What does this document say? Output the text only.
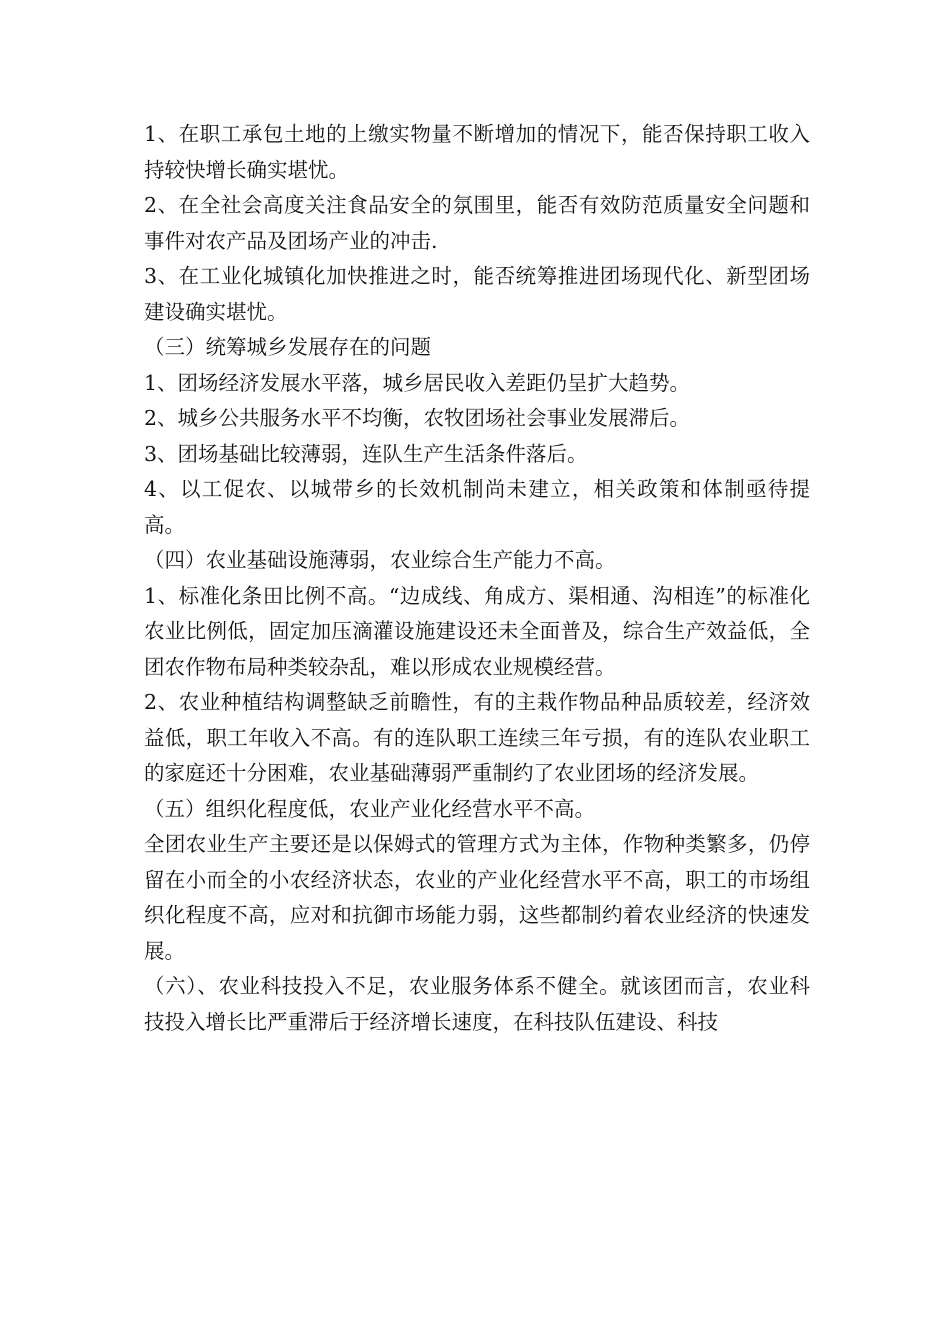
1、在职工承包土地的上缴实物量不断增加的情况下，能否保持职工收入持较快增长确实堪忧。

2、在全社会高度关注食品安全的氛围里，能否有效防范质量安全问题和事件对农产品及团场产业的冲击.

3、在工业化城镇化加快推进之时，能否统筹推进团场现代化、新型团场建设确实堪忧。

（三）统筹城乡发展存在的问题

1、团场经济发展水平落，城乡居民收入差距仍呈扩大趋势。

2、城乡公共服务水平不均衡，农牧团场社会事业发展滞后。

3、团场基础比较薄弱，连队生产生活条件落后。

4、以工促农、以城带乡的长效机制尚未建立，相关政策和体制亟待提高。

（四）农业基础设施薄弱，农业综合生产能力不高。

1、标准化条田比例不高。“边成线、角成方、渠相通、沟相连”的标准化农业比例低，固定加压滴灌设施建设还未全面普及，综合生产效益低，全团农作物布局种类较杂乱，难以形成农业规模经营。

2、农业种植结构调整缺乏前瞻性，有的主栽作物品种品质较差，经济效益低，职工年收入不高。有的连队职工连续三年亏损，有的连队农业职工的家庭还十分困难，农业基础薄弱严重制约了农业团场的经济发展。

（五）组织化程度低，农业产业化经营水平不高。

全团农业生产主要还是以保姆式的管理方式为主体，作物种类繁多，仍停留在小而全的小农经济状态，农业的产业化经营水平不高，职工的市场组织化程度不高，应对和抗御市场能力弱，这些都制约着农业经济的快速发展。

（六）、农业科技投入不足，农业服务体系不健全。就该团而言，农业科技投入增长比严重滞后于经济增长速度，在科技队伍建设、科技
